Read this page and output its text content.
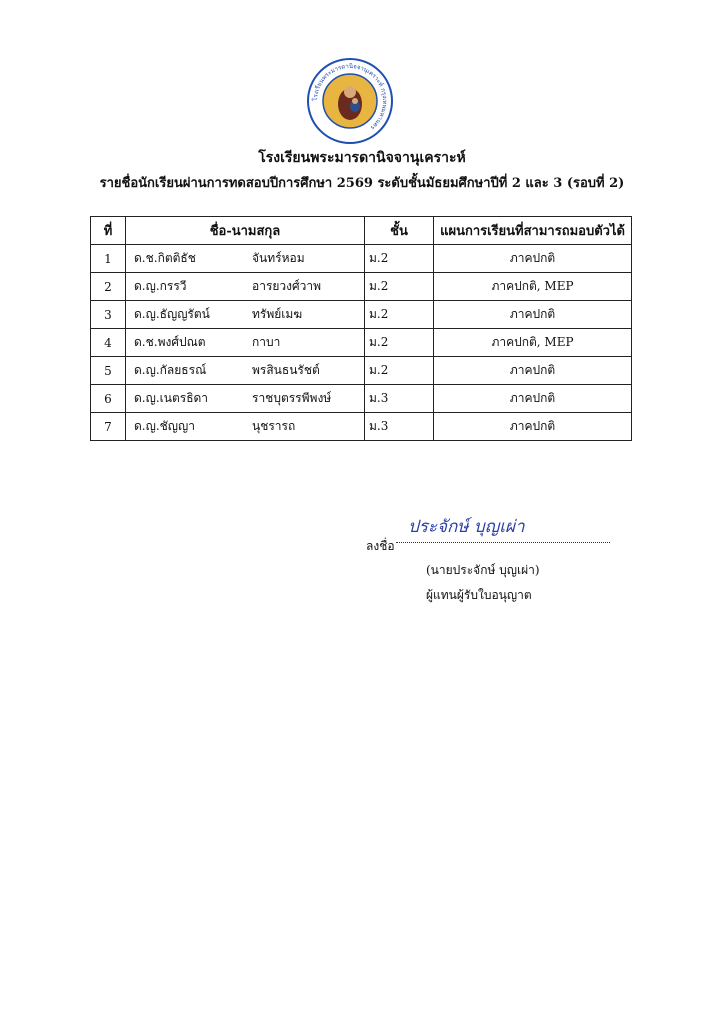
โรงเรียนพระมารดานิจจานุเคราะห์ กรุงเทพมหานคร
โรงเรียนพระมารดานิจจานุเคราะห์
รายชื่อนักเรียนผ่านการทดสอบปีการศึกษา 2569 ระดับชั้นมัธยมศึกษาปีที่ 2 และ 3 (รอบที่ 2)
ที่	ชื่อ-นามสกุล	ชั้น	แผนการเรียนที่สามารถมอบตัวได้
1	ด.ช.กิตติธัช จันทร์หอม	ม.2	ภาคปกติ
2	ด.ญ.กรรวี อารยวงศ์วาพ	ม.2	ภาคปกติ, MEP
3	ด.ญ.ธัญญรัตน์ ทรัพย์เมฆ	ม.2	ภาคปกติ
4	ด.ช.พงศ์ปณต กาบา	ม.2	ภาคปกติ, MEP
5	ด.ญ.กัลยธรณ์ พรสินธนรัชต์	ม.2	ภาคปกติ
6	ด.ญ.เนตรธิดา ราชบุตรรพีพงษ์	ม.3	ภาคปกติ
7	ด.ญ.ชัญญา นุชรารถ	ม.3	ภาคปกติ
ประจักษ์ บุญเผ่า
ลงชื่อ
(นายประจักษ์ บุญเผ่า)
ผู้แทนผู้รับใบอนุญาต
